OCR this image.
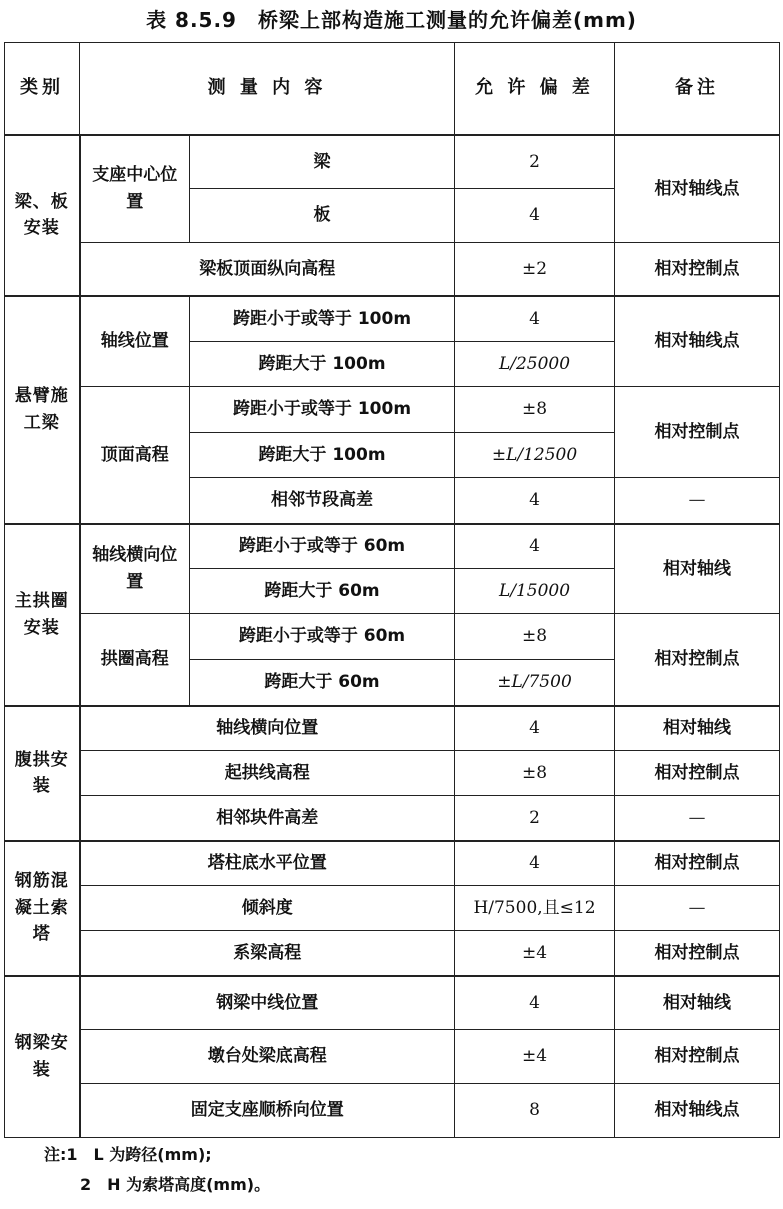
表 8.5.9　桥梁上部构造施工测量的允许偏差(mm)
类别	测 量 内 容		允 许 偏 差	备注
梁、板安装	支座中心位置	梁	2	相对轴线点
		板	4	
	梁板顶面纵向高程		±2	相对控制点
悬臂施工梁	轴线位置	跨距小于或等于 100m	4	相对轴线点
		跨距大于 100m	L/25000	
	顶面高程	跨距小于或等于 100m	±8	相对控制点
		跨距大于 100m	±L/12500	
		相邻节段高差	4	—
主拱圈安装	轴线横向位置	跨距小于或等于 60m	4	相对轴线
		跨距大于 60m	L/15000	
	拱圈高程	跨距小于或等于 60m	±8	相对控制点
		跨距大于 60m	±L/7500	
腹拱安装	轴线横向位置		4	相对轴线
	起拱线高程		±8	相对控制点
	相邻块件高差		2	—
钢筋混凝土索塔	塔柱底水平位置		4	相对控制点
	倾斜度		H/7500,且≤12	—
	系梁高程		±4	相对控制点
钢梁安装	钢梁中线位置		4	相对轴线
	墩台处梁底高程		±4	相对控制点
	固定支座顺桥向位置		8	相对轴线点
注:1　L 为跨径(mm);
2　H 为索塔高度(mm)。
